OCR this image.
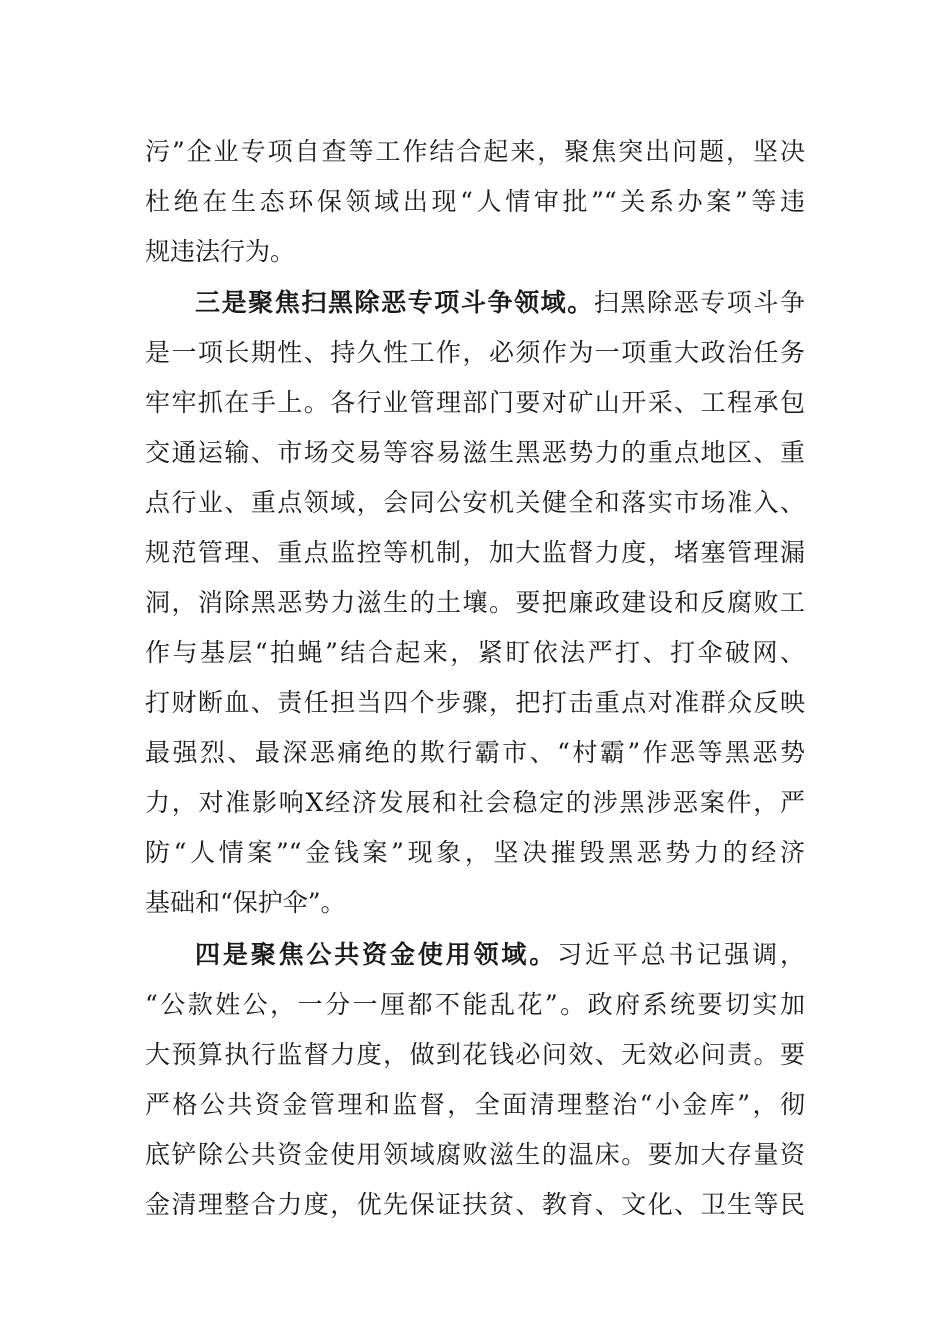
污”企业专项自查等工作结合起来，聚焦突出问题，坚决
杜绝在生态环保领域出现“人情审批”“关系办案”等违
规违法行为。
三是聚焦扫黑除恶专项斗争领域。扫黑除恶专项斗争
是一项长期性、持久性工作，必须作为一项重大政治任务
牢牢抓在手上。各行业管理部门要对矿山开采、工程承包
交通运输、市场交易等容易滋生黑恶势力的重点地区、重
点行业、重点领域，会同公安机关健全和落实市场准入、
规范管理、重点监控等机制，加大监督力度，堵塞管理漏
洞，消除黑恶势力滋生的土壤。要把廉政建设和反腐败工
作与基层“拍蝇”结合起来，紧盯依法严打、打伞破网、
打财断血、责任担当四个步骤，把打击重点对准群众反映
最强烈、最深恶痛绝的欺行霸市、“村霸”作恶等黑恶势
力，对准影响X经济发展和社会稳定的涉黑涉恶案件，严
防“人情案”“金钱案”现象，坚决摧毁黑恶势力的经济
基础和“保护伞”。
四是聚焦公共资金使用领域。习近平总书记强调，
“公款姓公，一分一厘都不能乱花”。政府系统要切实加
大预算执行监督力度，做到花钱必问效、无效必问责。要
严格公共资金管理和监督，全面清理整治“小金库”，彻
底铲除公共资金使用领域腐败滋生的温床。要加大存量资
金清理整合力度，优先保证扶贫、教育、文化、卫生等民
